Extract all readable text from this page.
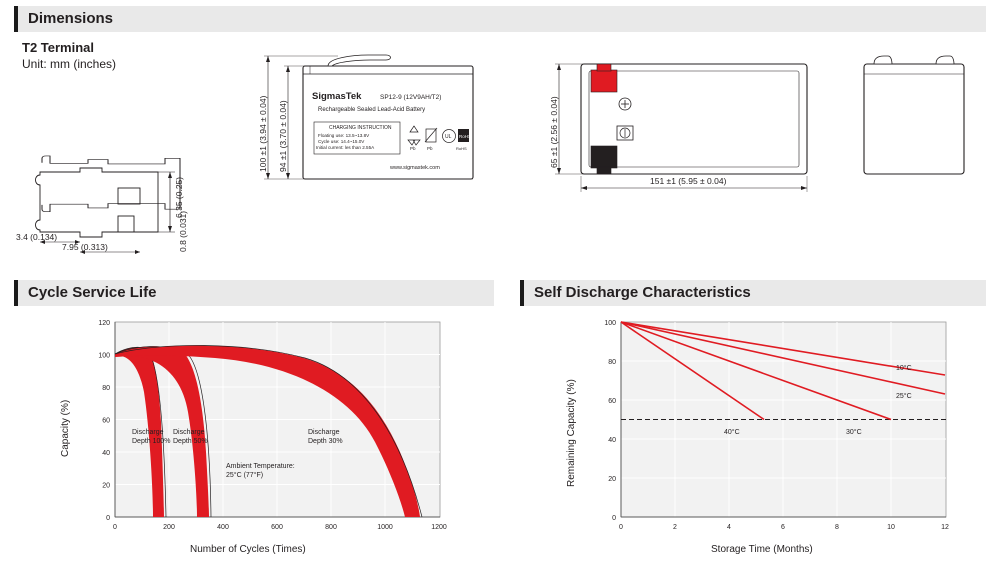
Dimensions
Cycle Service Life	Self Discharge Characteristics
T2 Terminal
Unit: mm (inches)
6.35 (0.25)
3.4 (0.134)
7.95 (0.313)	0.8 (0.031)
100 ±1 (3.94 ± 0.04) 94 ±1 (3.70 ± 0.04)
SigmasTek	SP12-9 (12V9AH/T2)
Rechargeable Sealed Lead-Acid Battery
CHARGING INSTRUCTION
Floating use: 13.5~13.8V
Cycle use: 14.4~15.0V
Initial current: les than 2.55A	Pb	Pb
UL RoHS
RoHS
www.sigmastek.com	65 ±1 (2.56 ± 0.04)
151 ±1 (5.95 ± 0.04)
0
20
40
60
80
100
120
0	200	400	600	800	1000	1200
Discharge
Depth 100%
Discharge
Depth 50%
Discharge
Depth 30%
Ambient Temperature:
25°C (77°F)
Capacity (%)
Number of Cycles (Times)
0
20
40
60
80
100
0	2	4	6	8	10	12
10°C
25°C
30°C
40°C
Remaining Capacity (%)
Storage Time (Months)
